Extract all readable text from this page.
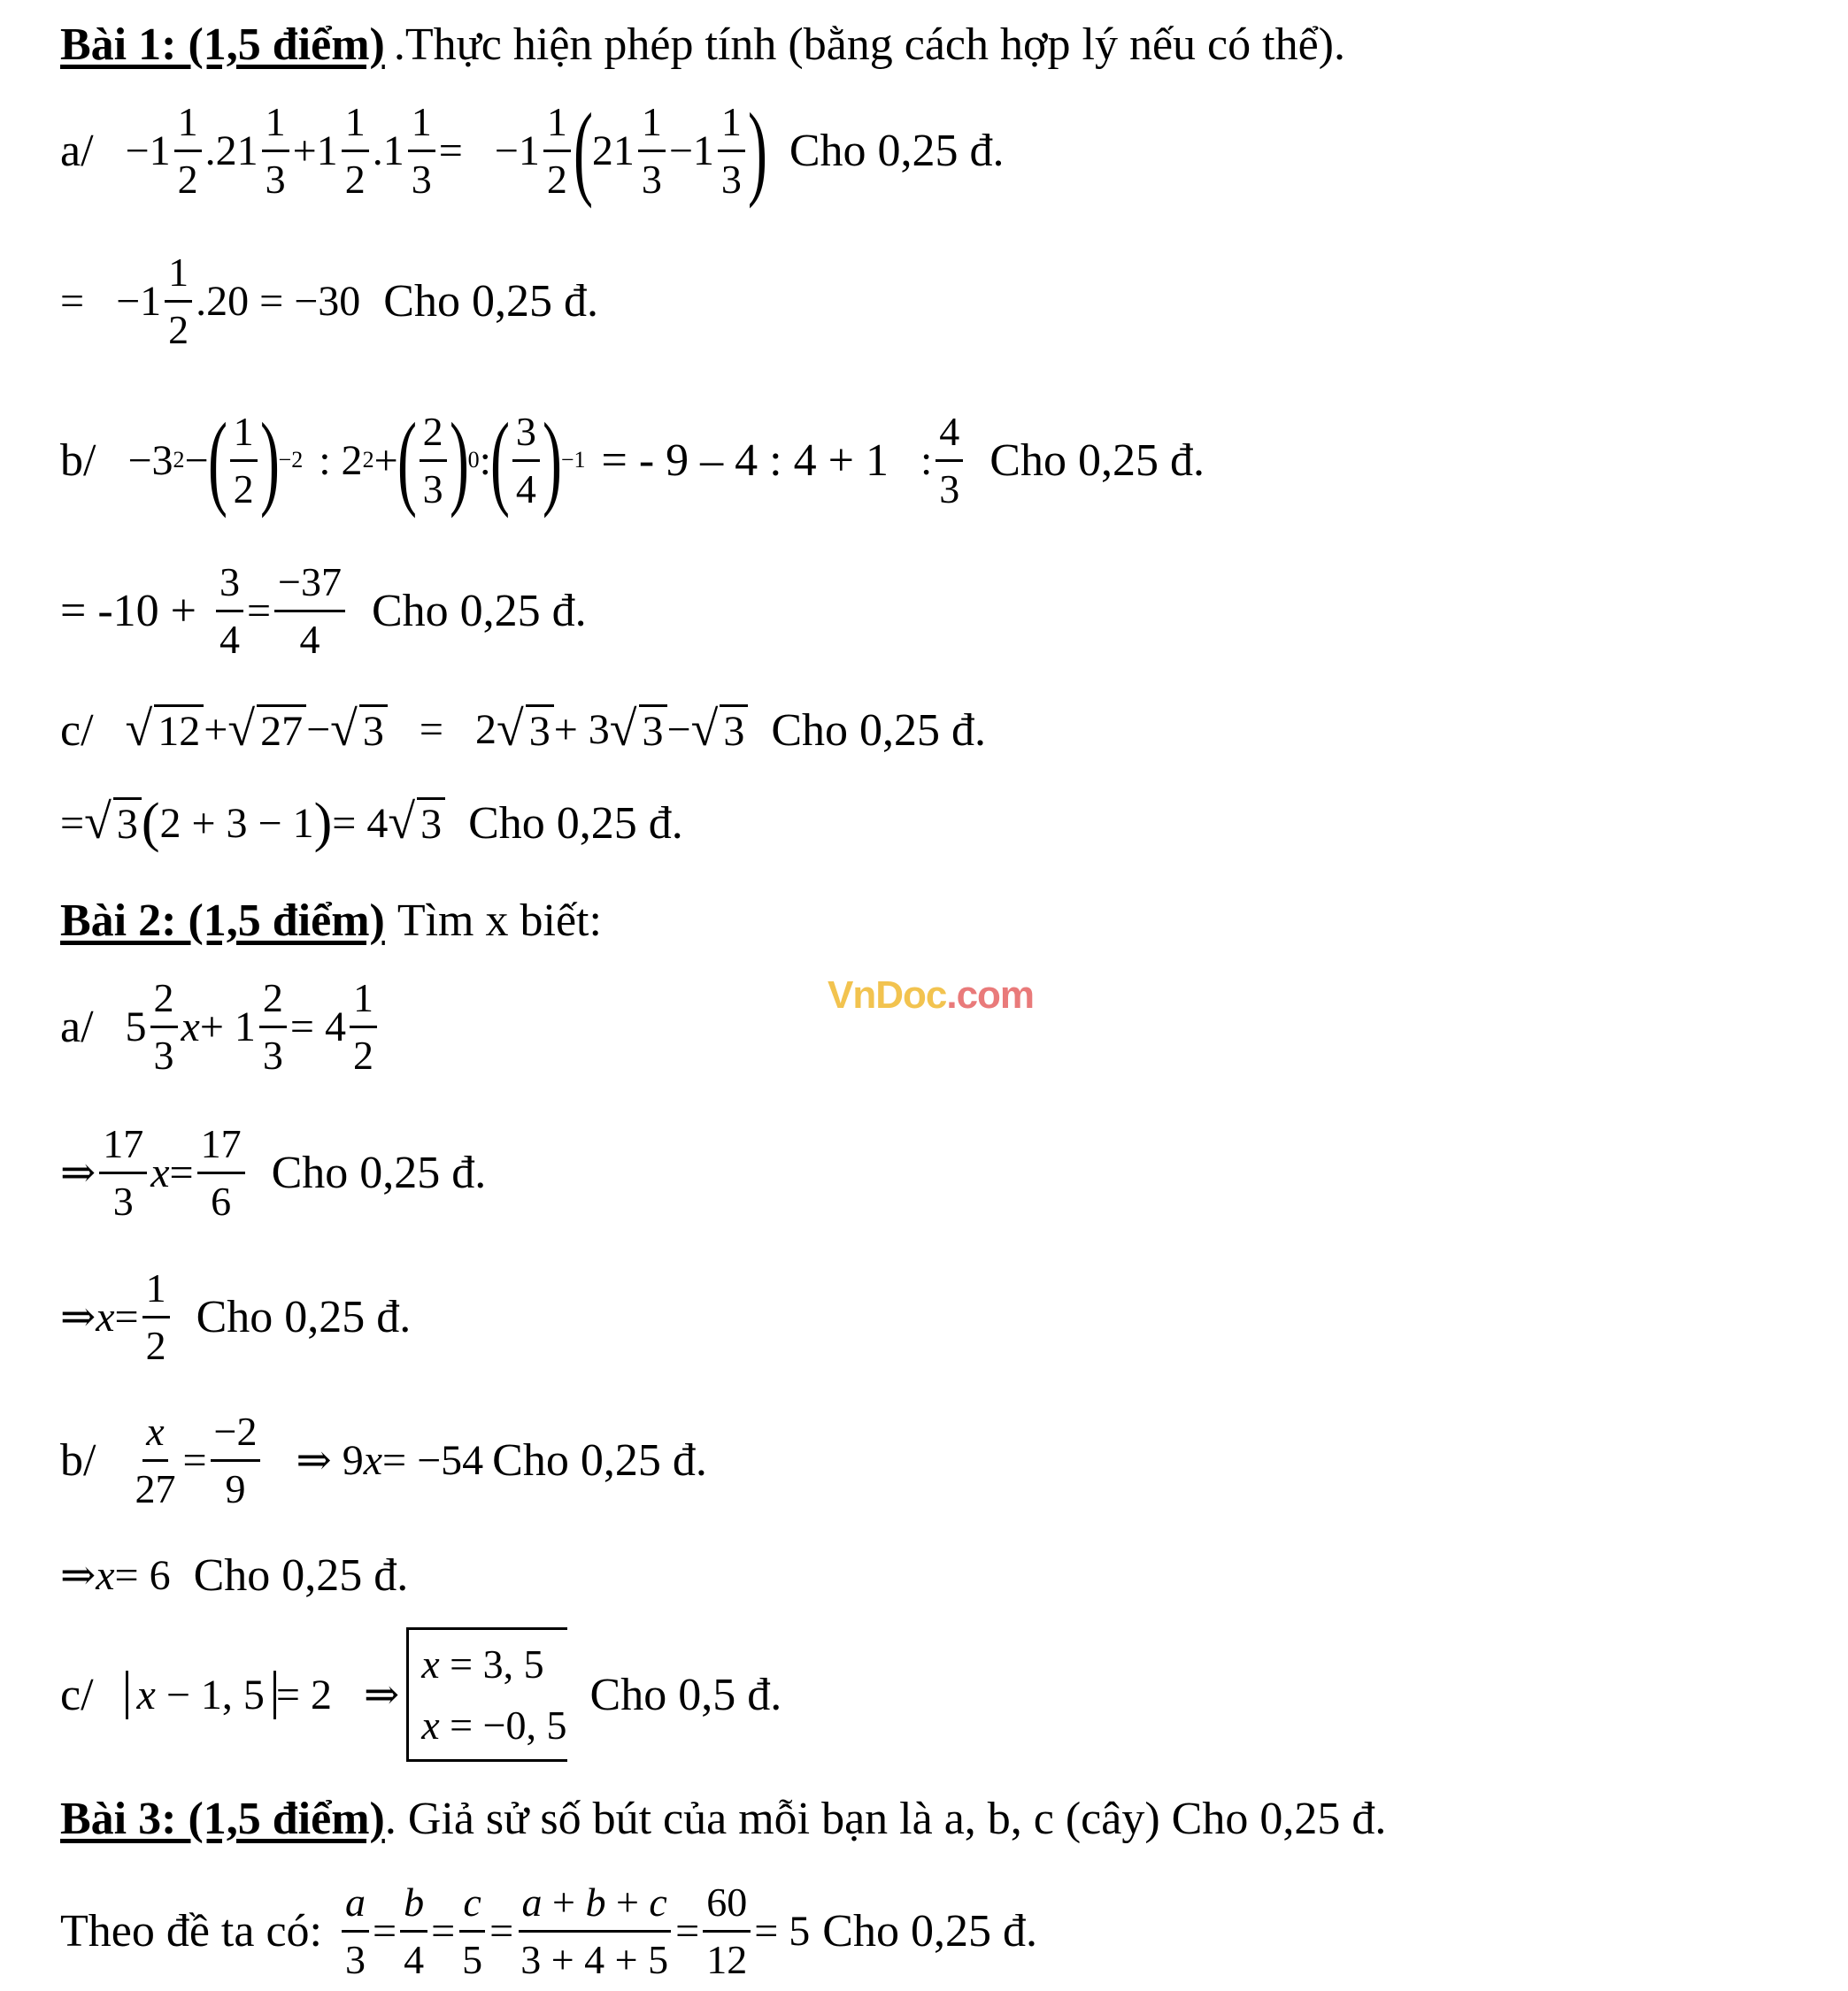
Bài 1: (1,5 điểm) .Thực hiện phép tính (bằng cách hợp lý nếu có thể).
$a/ -1 \frac{1}{2} .21 \frac{1}{3} +1 \frac{1}{2} .1 \frac{1}{3}$ =
$-1 \frac{1}{2}$ (
$21 \frac{1}{3} -1 \frac{1}{3}$ ) Cho 0,25 đ.
= $-1 \frac{1}{2} .20 = -30$ Cho 0,25 đ.
b/ −3 2 −
( $\frac{1}{2}$ )
−2 : 2 2 +
( $\frac{2}{3}$ )
0 :
( $\frac{3}{4}$ )
−1 = - 9 – 4 : 4 + 1 : $\frac{4}{3}$ Cho 0,25 đ.
= $-10 + \frac{3}{4} = \frac{-37}{4}$ Cho 0,25 đ.
c/ √ 12 + √ 27 − √ 3 =
2 √ 3 + 3 √ 3 − √ 3 Cho 0,25 đ.
= √ 3 ( 2 + 3 − 1 ) = 4 √ 3 Cho 0,25 đ.
Bài 2: (1,5 điểm) Tìm x biết:
VnDoc.com
a/ $5 \frac{2}{3}$ $x + 1 \frac{2}{3} = 4 \frac{1}{2}$
⇒ $\frac{17}{3}$ $x = \frac{17}{6}$ Cho 0,25 đ.
⇒ $x = \frac{1}{2}$ Cho 0,25 đ.
$b/ \frac{x}{27} = \frac{-2}{9}$ ⇒ 9 x = −54 Cho 0,25 đ.
⇒ x = 6 Cho 0,25 đ.
c/ x − 1, 5 = 2
⇒
x = 3, 5
x = −0, 5
Cho 0,5 đ.
Bài 3: (1,5 điểm) . Giả sử số bút của mỗi bạn là a, b, c (cây) Cho 0,25 đ.
Theo đề ta có: $\frac{a}{3} = \frac{b}{4} = \frac{c}{5} = \frac{a + b + c}{3 + 4 + 5} = \frac{60}{12} = 5$ Cho 0,25 đ.
